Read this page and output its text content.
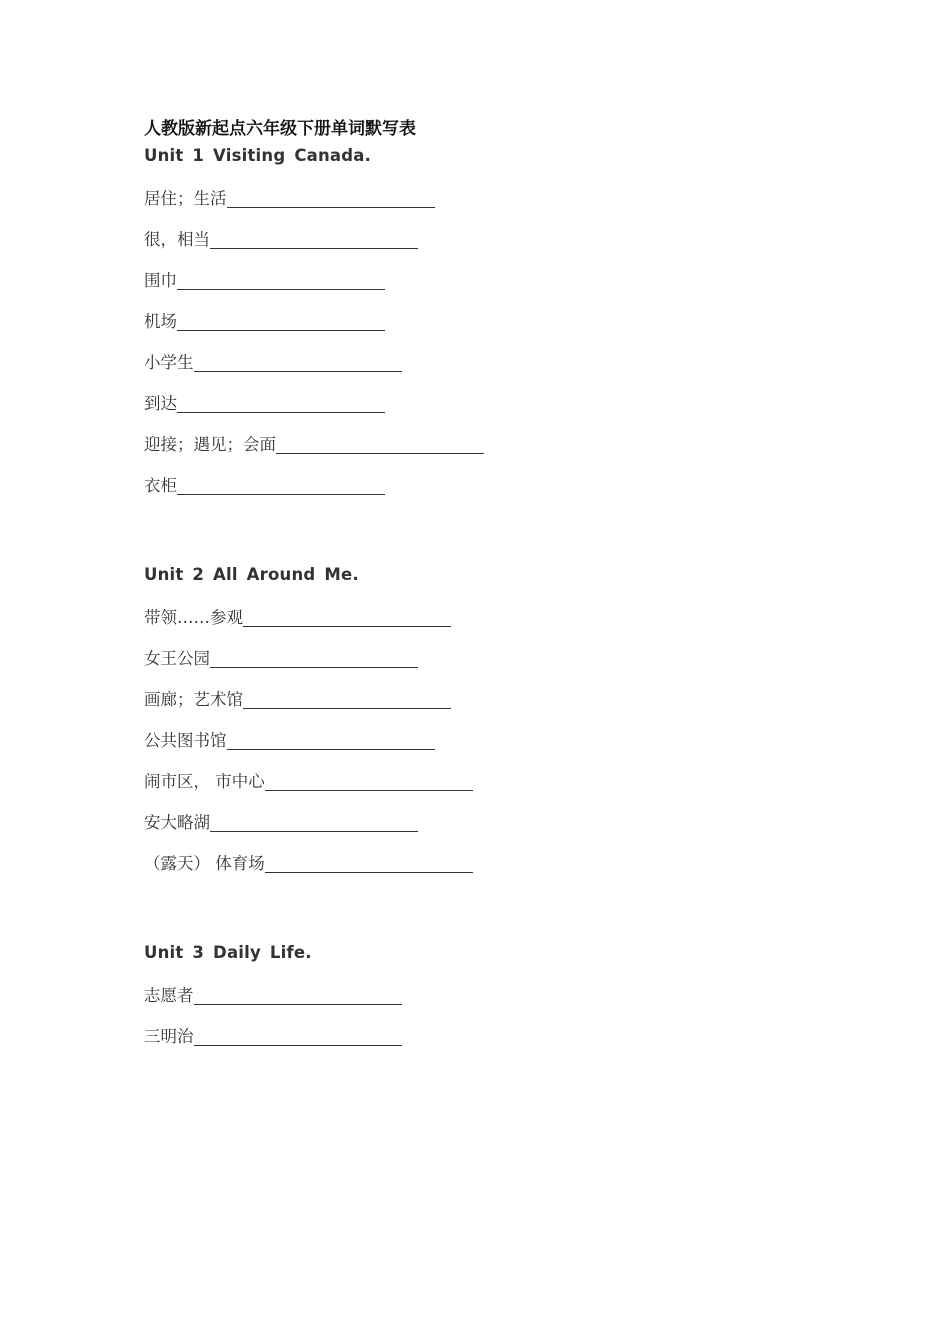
人教版新起点六年级下册单词默写表
Unit 1 Visiting Canada.
居住；生活
很，相当
围巾
机场
小学生
到达
迎接；遇见；会面
衣柜
Unit 2 All Around Me.
带领……参观
女王公园
画廊；艺术馆
公共图书馆
闹市区， 市中心
安大略湖
（露天） 体育场
Unit 3 Daily Life.
志愿者
三明治
